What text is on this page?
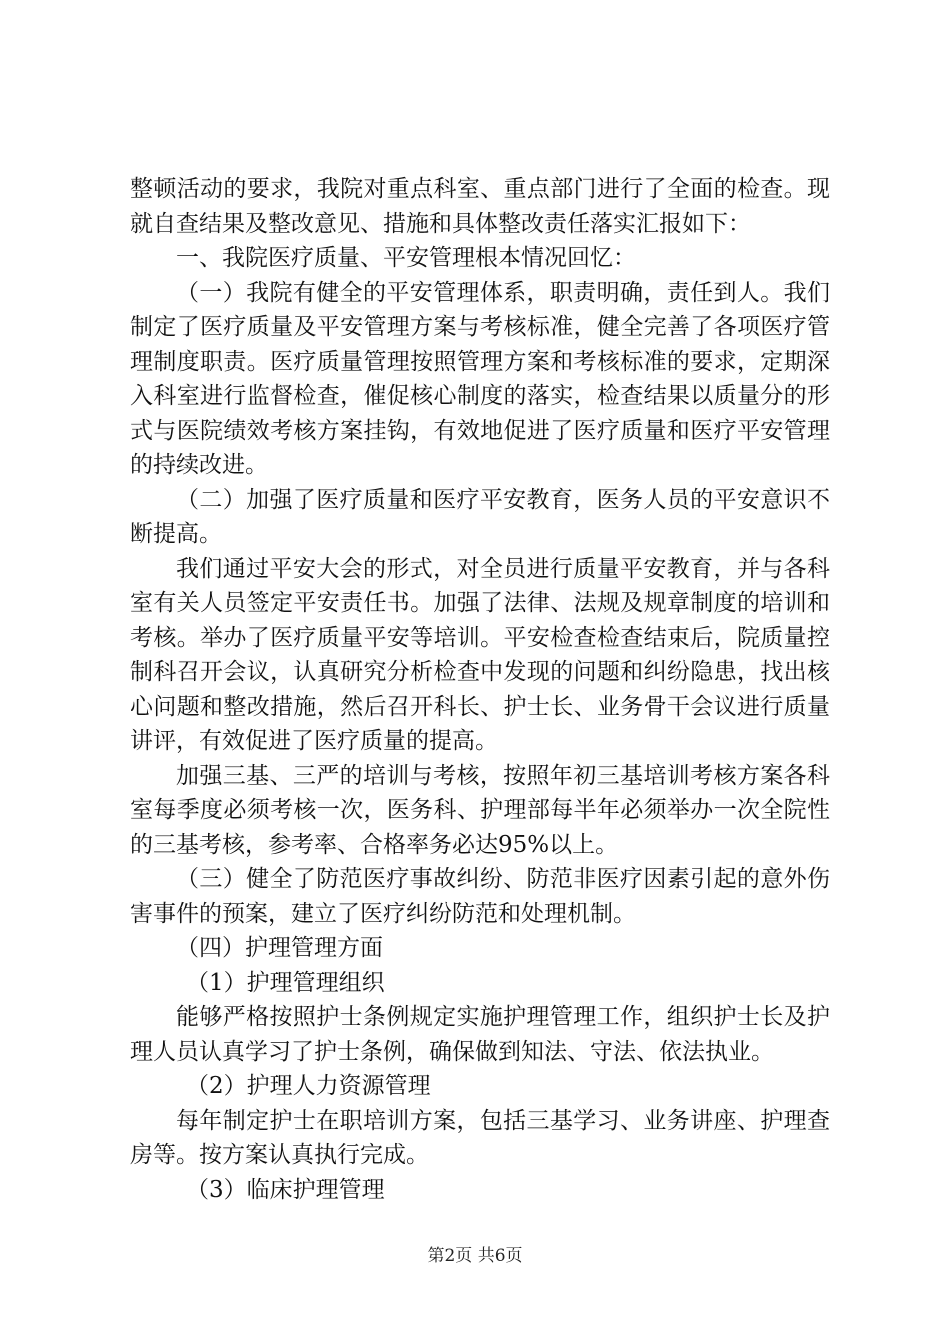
整顿活动的要求，我院对重点科室、重点部门进行了全面的检查。现就自查结果及整改意见、措施和具体整改责任落实汇报如下：

一、我院医疗质量、平安管理根本情况回忆：

（一）我院有健全的平安管理体系，职责明确，责任到人。我们制定了医疗质量及平安管理方案与考核标准，健全完善了各项医疗管理制度职责。医疗质量管理按照管理方案和考核标准的要求，定期深入科室进行监督检查，催促核心制度的落实，检查结果以质量分的形式与医院绩效考核方案挂钩，有效地促进了医疗质量和医疗平安管理的持续改进。

（二）加强了医疗质量和医疗平安教育，医务人员的平安意识不断提高。

我们通过平安大会的形式，对全员进行质量平安教育，并与各科室有关人员签定平安责任书。加强了法律、法规及规章制度的培训和考核。举办了医疗质量平安等培训。平安检查检查结束后，院质量控制科召开会议，认真研究分析检查中发现的问题和纠纷隐患，找出核心问题和整改措施，然后召开科长、护士长、业务骨干会议进行质量讲评，有效促进了医疗质量的提高。

加强三基、三严的培训与考核，按照年初三基培训考核方案各科室每季度必须考核一次，医务科、护理部每半年必须举办一次全院性的三基考核，参考率、合格率务必达95%以上。

（三）健全了防范医疗事故纠纷、防范非医疗因素引起的意外伤害事件的预案，建立了医疗纠纷防范和处理机制。

（四）护理管理方面

（1）护理管理组织

能够严格按照护士条例规定实施护理管理工作，组织护士长及护理人员认真学习了护士条例，确保做到知法、守法、依法执业。

（2）护理人力资源管理

每年制定护士在职培训方案，包括三基学习、业务讲座、护理查房等。按方案认真执行完成。

（3）临床护理管理

第2页 共6页
